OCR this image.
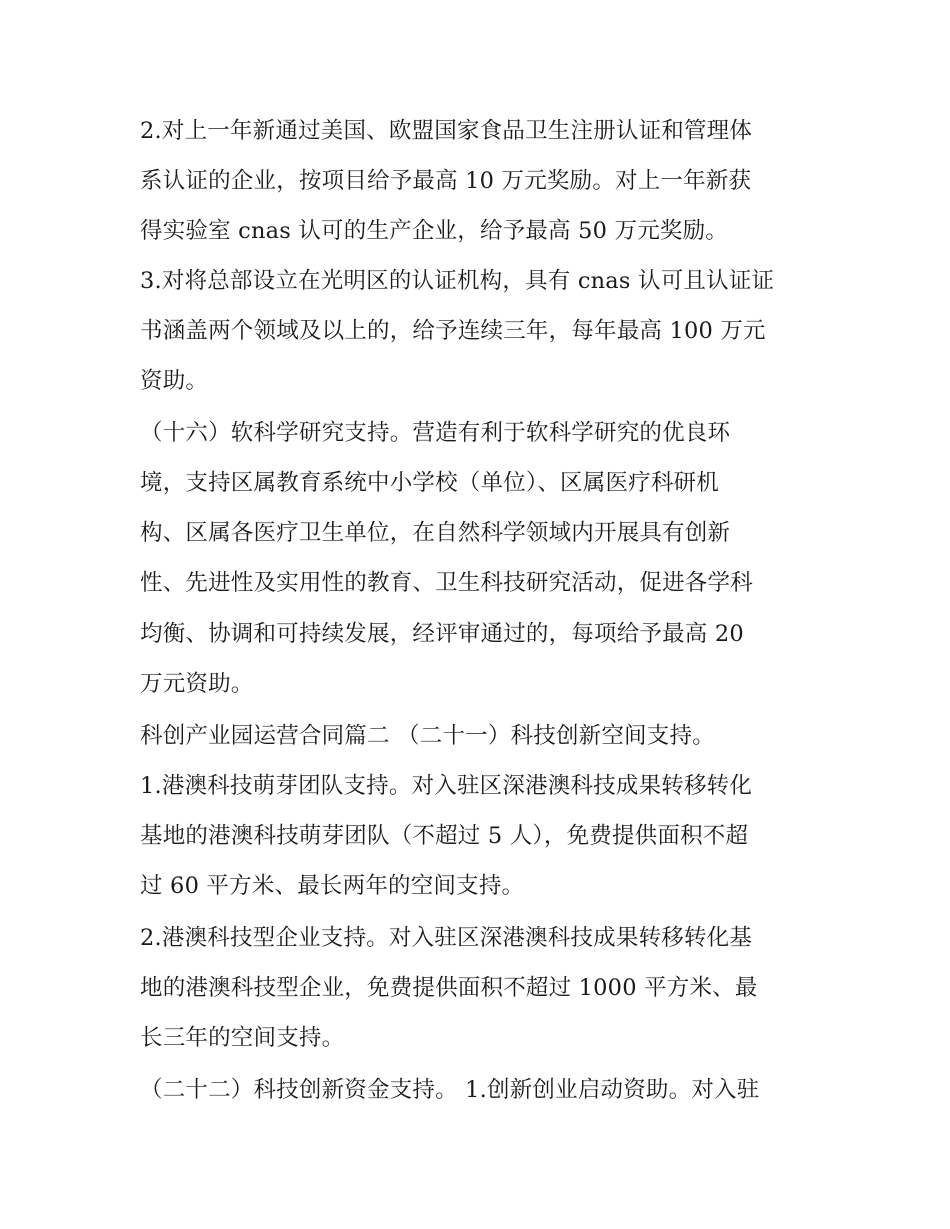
2.对上一年新通过美国、欧盟国家食品卫生注册认证和管理体
系认证的企业，按项目给予最高 10 万元奖励。对上一年新获
得实验室 cnas 认可的生产企业，给予最高 50 万元奖励。
3.对将总部设立在光明区的认证机构，具有 cnas 认可且认证证
书涵盖两个领域及以上的，给予连续三年，每年最高 100 万元
资助。
（十六）软科学研究支持。营造有利于软科学研究的优良环
境，支持区属教育系统中小学校（单位）、区属医疗科研机
构、区属各医疗卫生单位，在自然科学领域内开展具有创新
性、先进性及实用性的教育、卫生科技研究活动，促进各学科
均衡、协调和可持续发展，经评审通过的，每项给予最高 20
万元资助。
科创产业园运营合同篇二 （二十一）科技创新空间支持。
1.港澳科技萌芽团队支持。对入驻区深港澳科技成果转移转化
基地的港澳科技萌芽团队（不超过 5 人），免费提供面积不超
过 60 平方米、最长两年的空间支持。
2.港澳科技型企业支持。对入驻区深港澳科技成果转移转化基
地的港澳科技型企业，免费提供面积不超过 1000 平方米、最
长三年的空间支持。
（二十二）科技创新资金支持。 1.创新创业启动资助。对入驻
